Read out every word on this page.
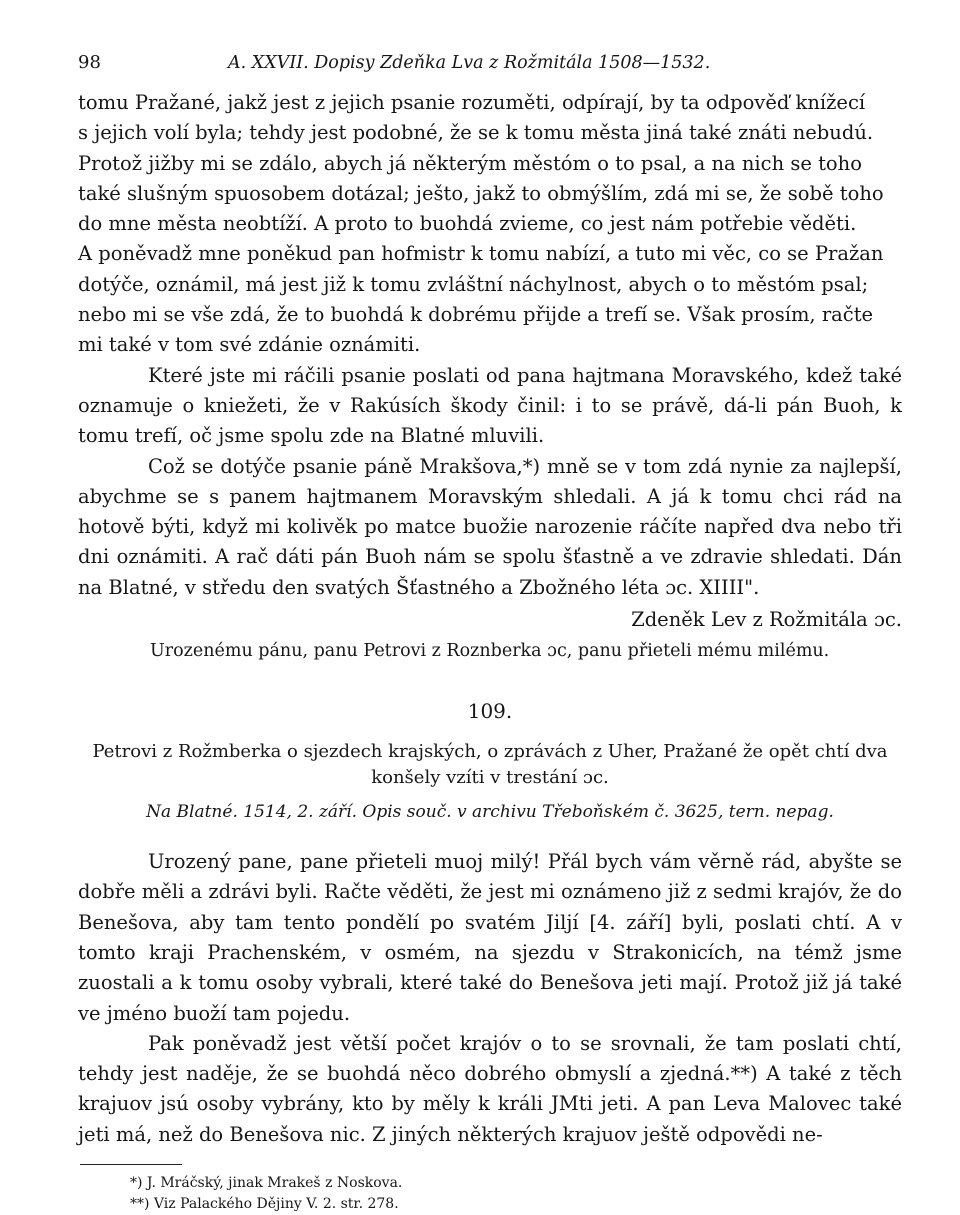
98	A. XXVII. Dopisy Zdeňka Lva z Rožmitála 1508—1532.

tomu Pražané, jakž jest z jejich psanie rozuměti, odpírají, by ta odpověď knížecí
s jejich volí byla; tehdy jest podobné, že se k tomu města jiná také znáti nebudú.
Protož jižby mi se zdálo, abych já některým městóm o to psal, a na nich se toho
také slušným spuosobem dotázal; ješto, jakž to obmýšlím, zdá mi se, že sobě toho
do mne města neobtíží. A proto to buohdá zvieme, co jest nám potřebie věděti.
A poněvadž mne poněkud pan hofmistr k tomu nabízí, a tuto mi věc, co se Pražan
dotýče, oznámil, má jest již k tomu zvláštní náchylnost, abych o to městóm psal;
nebo mi se vše zdá, že to buohdá k dobrému přijde a trefí se. Však prosím, račte
mi také v tom své zdánie oznámiti.

Které jste mi ráčili psanie poslati od pana hajtmana Moravského, kdež také oznamuje o kniežeti, že v Rakúsích škody činil: i to se právě, dá-li pán Buoh, k tomu trefí, oč jsme spolu zde na Blatné mluvili.

Což se dotýče psanie páně Mrakšova,*) mně se v tom zdá nynie za najlepší, abychme se s panem hajtmanem Moravským shledali. A já k tomu chci rád na hotově býti, když mi kolivěk po matce buožie narozenie ráčíte napřed dva nebo tři dni oznámiti. A rač dáti pán Buoh nám se spolu šťastně a ve zdravie shledati. Dán na Blatné, v středu den svatých Šťastného a Zbožného léta ɔc. XIIII".

Zdeněk Lev z Rožmitála ɔc.

Urozenému pánu, panu Petrovi z Roznberka ɔc, panu přieteli mému milému.

109.
Petrovi z Rožmberka o sjezdech krajských, o zprávách z Uher, Pražané že opět chtí dva
konšely vzíti v trestání ɔc.
Na Blatné. 1514, 2. září. Opis souč. v archivu Třeboňském č. 3625, tern. nepag.

Urozený pane, pane přieteli muoj milý! Přál bych vám věrně rád, abyšte se dobře měli a zdrávi byli. Račte věděti, že jest mi oznámeno již z sedmi krajóv, že do Benešova, aby tam tento pondělí po svatém Jiljí [4. září] byli, poslati chtí. A v tomto kraji Prachenském, v osmém, na sjezdu v Strakonicích, na témž jsme zuostali a k tomu osoby vybrali, které také do Benešova jeti mají. Protož již já také ve jméno buoží tam pojedu.

Pak poněvadž jest větší počet krajóv o to se srovnali, že tam poslati chtí, tehdy jest naděje, že se buohdá něco dobrého obmyslí a zjedná.**) A také z těch krajuov jsú osoby vybrány, kto by měly k králi JMti jeti. A pan Leva Malovec také jeti má, než do Benešova nic. Z jiných některých krajuov ještě odpovědi ne-

*) J. Mráčský, jinak Mrakeš z Noskova.

**) Viz Palackého Dějiny V. 2. str. 278.
